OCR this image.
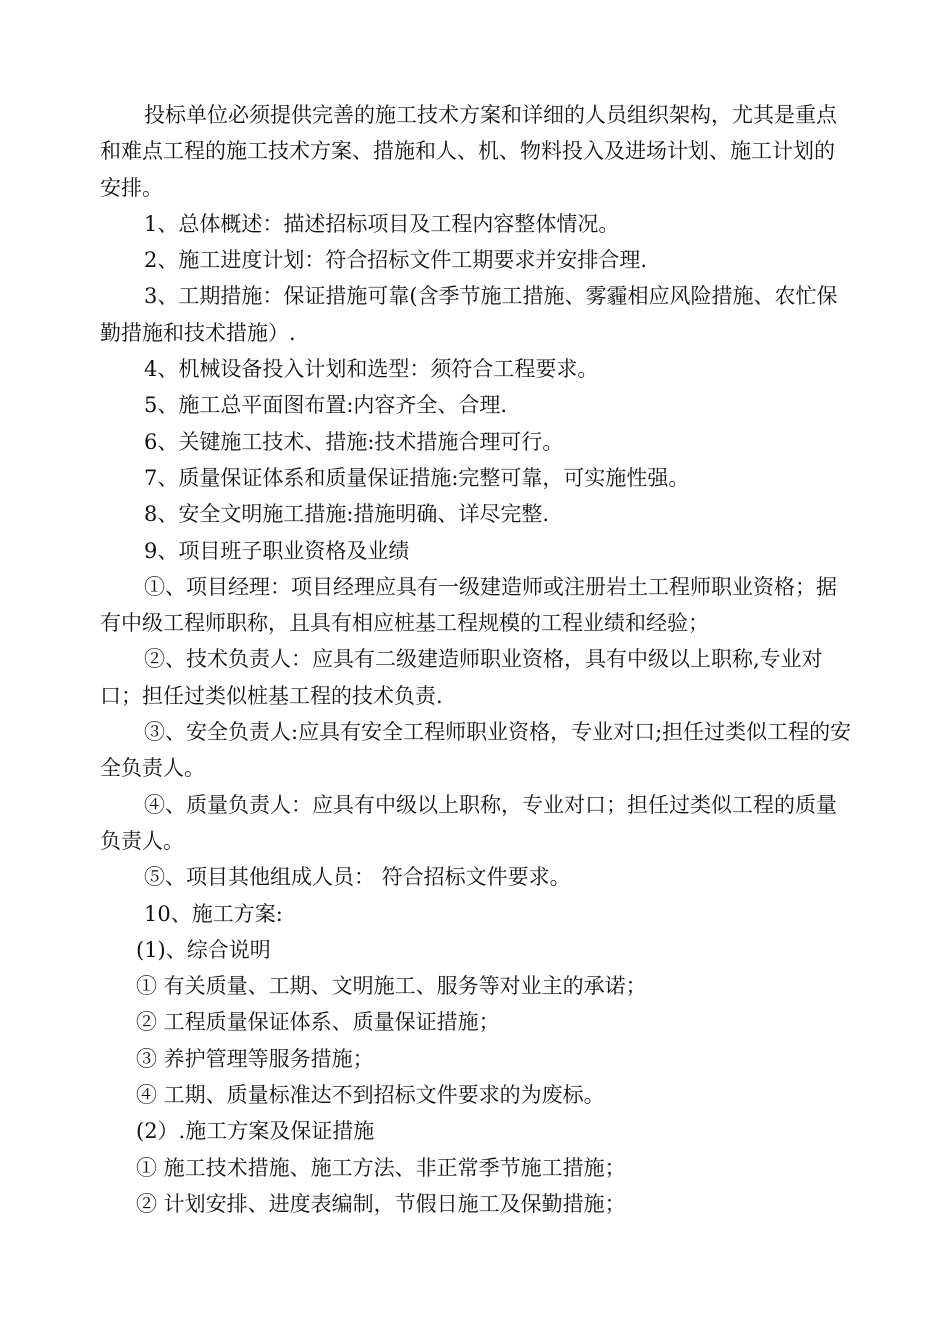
投标单位必须提供完善的施工技术方案和详细的人员组织架构，尤其是重点和难点工程的施工技术方案、措施和人、机、物料投入及进场计划、施工计划的安排。

1、总体概述：描述招标项目及工程内容整体情况。

2、施工进度计划：符合招标文件工期要求并安排合理.

3、工期措施：保证措施可靠(含季节施工措施、雾霾相应风险措施、农忙保勤措施和技术措施）.

4、机械设备投入计划和选型：须符合工程要求。

5、施工总平面图布置:内容齐全、合理.

6、关键施工技术、措施:技术措施合理可行。

7、质量保证体系和质量保证措施:完整可靠，可实施性强。

8、安全文明施工措施:措施明确、详尽完整.

9、项目班子职业资格及业绩

①、项目经理：项目经理应具有一级建造师或注册岩土工程师职业资格；据有中级工程师职称，且具有相应桩基工程规模的工程业绩和经验；

②、技术负责人：应具有二级建造师职业资格，具有中级以上职称,专业对口；担任过类似桩基工程的技术负责.

③、安全负责人:应具有安全工程师职业资格，专业对口;担任过类似工程的安全负责人。

④、质量负责人：应具有中级以上职称，专业对口；担任过类似工程的质量负责人。

⑤、项目其他组成人员： 符合招标文件要求。

10、施工方案:

(1)、综合说明

① 有关质量、工期、文明施工、服务等对业主的承诺；

② 工程质量保证体系、质量保证措施；

③ 养护管理等服务措施；

④ 工期、质量标准达不到招标文件要求的为废标。

(2）.施工方案及保证措施

① 施工技术措施、施工方法、非正常季节施工措施；

② 计划安排、进度表编制，节假日施工及保勤措施；
